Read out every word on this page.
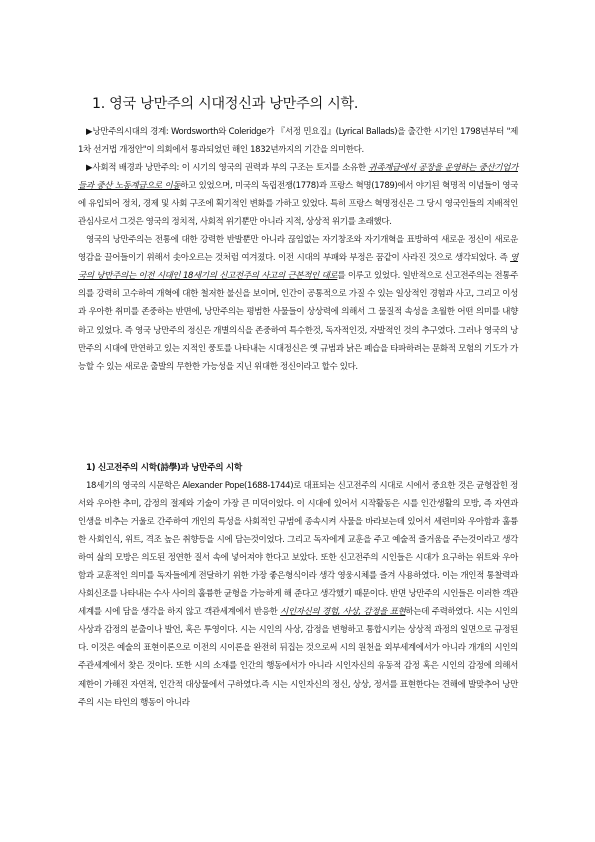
1. 영국 낭만주의 시대정신과 낭만주의 시학.

▶낭만주의시대의 경계: Wordsworth와 Coleridge가 『서정 민요집』(Lyrical Ballads)을 출간한 시기인 1798년부터 "제1차 선거법 개정안"이 의회에서 통과되었던 해인 1832년까지의 기간을 의미한다.

▶사회적 배경과 낭만주의: 이 시기의 영국의 권력과 부의 구조는 토지를 소유한 귀족계급에서 공장을 운영하는 중산기업가들과 중산 노동계급으로 이동하고 있었으며, 미국의 독립전쟁(1778)과 프랑스 혁명(1789)에서 야기된 혁명적 이념들이 영국에 유입되어 정치, 경제 및 사회 구조에 획기적인 변화를 가하고 있었다. 특히 프랑스 혁명정신은 그 당시 영국인들의 지배적인 관심사로서 그것은 영국의 정치적, 사회적 위기뿐만 아니라 지적, 상상적 위기를 초래했다.

영국의 낭만주의는 전통에 대한 강력한 반발뿐만 아니라 끊임없는 자기창조와 자기개혁을 표방하여 새로운 정신이 새로운 영감을 끌어들이기 위해서 솟아오르는 것처럼 여겨졌다. 이전 시대의 부패와 부정은 꿈같이 사라진 것으로 생각되었다. 즉 영국의 낭만주의는 이전 시대인 18세기의 신고전주의 사고의 근본적인 대로를 이루고 있었다. 일반적으로 신고전주의는 전통주의를 강력히 고수하여 개혁에 대한 철저한 불신을 보이며, 인간이 공통적으로 가질 수 있는 일상적인 경험과 사고, 그리고 이성과 우아한 취미를 존중하는 반면에, 낭만주의는 평범한 사물들이 상상력에 의해서 그 물질적 속성을 초월한 어떤 의미를 내향하고 있었다. 즉 영국 낭만주의 정신은 개별의식을 존중하여 특수한것, 독자적인것, 자발적인 것의 추구였다. 그러나 영국의 낭만주의 시대에 만연하고 있는 지적인 풍토를 나타내는 시대정신은 옛 규범과 낡은 폐습을 타파하려는 문화적 모험의 기도가 가능할 수 있는 새로운 출발의 무한한 가능성을 지닌 위대한 정신이라고 할수 있다.

1) 신고전주의 시학(詩學)과 낭만주의 시학
18세기의 영국의 시문학은 Alexander Pope(1688-1744)로 대표되는 신고전주의 시대로 시에서 중요한 것은 균형잡힌 정서와 우아한 추미, 감정의 절제와 기술이 가장 큰 미덕이었다. 이 시대에 있어서 시작활동은 시를 인간생활의 모방, 즉 자연과 인생을 비추는 거울로 간주하여 개인의 특성을 사회적인 규범에 종속시켜 사물을 바라보는데 있어서 세련미와 우아함과 훌륭한 사회인식, 위트, 격조 높은 취향등을 시에 담는것이었다. 그리고 독자에게 교훈을 주고 예술적 즐거움을 주는것이라고 생각하여 삶의 모방은 의도된 정연한 질서 속에 넣어져야 한다고 보았다. 또한 신고전주의 시인들은 시대가 요구하는 위트와 우아함과 교훈적인 의미를 독자들에게 전달하기 위한 가장 좋은형식이라 생각 영웅시체를 즐겨 사용하였다. 이는 개인적 통찰력과 사회신조를 나타내는 수사 사이의 훌륭한 균형을 가능하게 해 준다고 생각했기 때문이다. 반면 낭만주의 시인들은 이러한 객관세계를 시에 담을 생각을 하지 않고 객관세계에서 반응한 시인자신의 경험, 사상, 감정을 표현하는데 주력하였다. 시는 시인의 사상과 감정의 분출이나 발언, 혹은 투영이다. 시는 시인의 사상, 감정을 변형하고 통합시키는 상상적 과정의 일면으로 규정된다. 이것은 예술의 표현이론으로 이전의 시이론을 완전히 뒤집는 것으로써 시의 원천을 외부세계에서가 아니라 개개의 시인의 주관세계에서 찾은 것이다. 또한 시의 소재를 인간의 행동에서가 아니라 시인자신의 유동적 감정 혹은 시인의 감정에 의해서 제한이 가해진 자연적, 인간적 대상물에서 구하였다.즉 시는 시인자신의 정신, 상상, 정서를 표현한다는 견해에 발맞추어 낭만주의 시는 타인의 행동이 아니라
